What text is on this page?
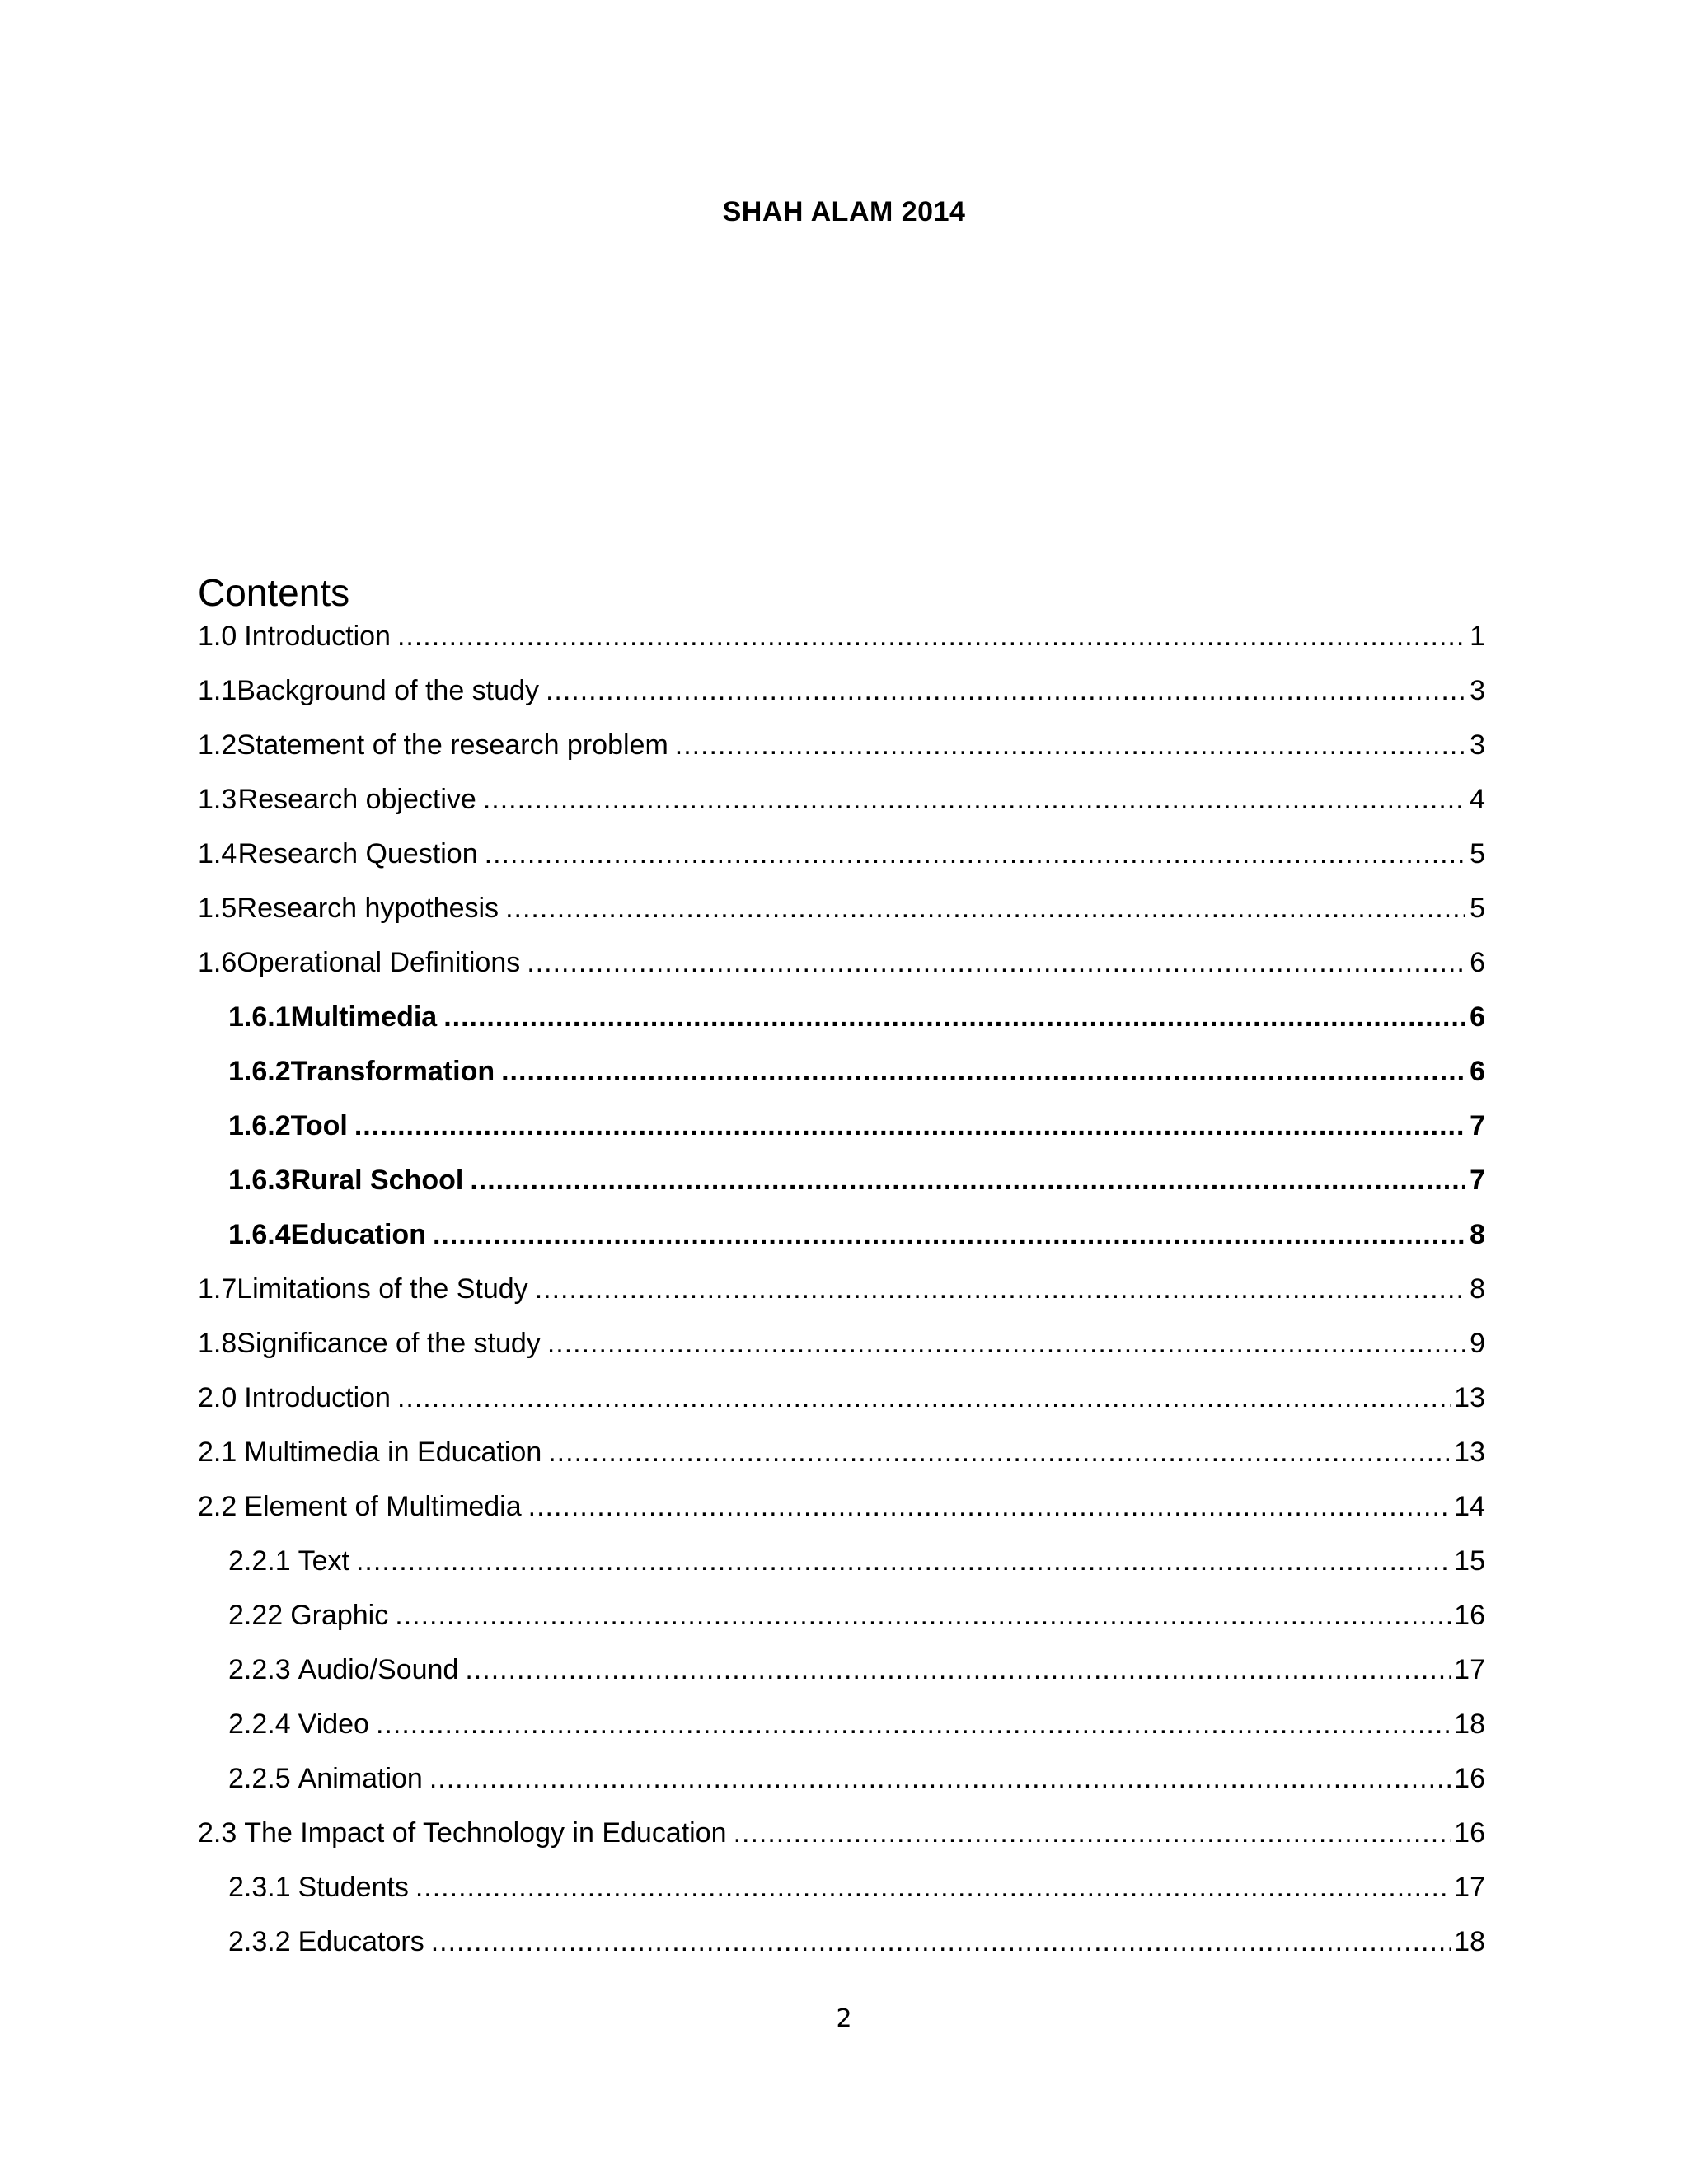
SHAH ALAM 2014
Contents
1.0 Introduction .....	1
1.1 Background of the study .....	3
1.2 Statement of the research problem .....	3
1.3 Research objective .....	4
1.4 Research Question .....	5
1.5 Research hypothesis .....	5
1.6 Operational Definitions .....	6
1.6.1 Multimedia .....	6
1.6.2 Transformation .....	6
1.6.2 Tool .....	7
1.6.3 Rural School .....	7
1.6.4 Education .....	8
1.7 Limitations of the Study .....	8
1.8 Significance of the study .....	9
2.0 Introduction .....	13
2.1 Multimedia in Education .....	13
2.2 Element of Multimedia .....	14
2.2.1 Text .....	15
2.22 Graphic .....	16
2.2.3 Audio/Sound .....	17
2.2.4 Video .....	18
2.2.5 Animation .....	16
2.3 The Impact of Technology in Education .....	16
2.3.1 Students .....	17
2.3.2 Educators .....	18
2
